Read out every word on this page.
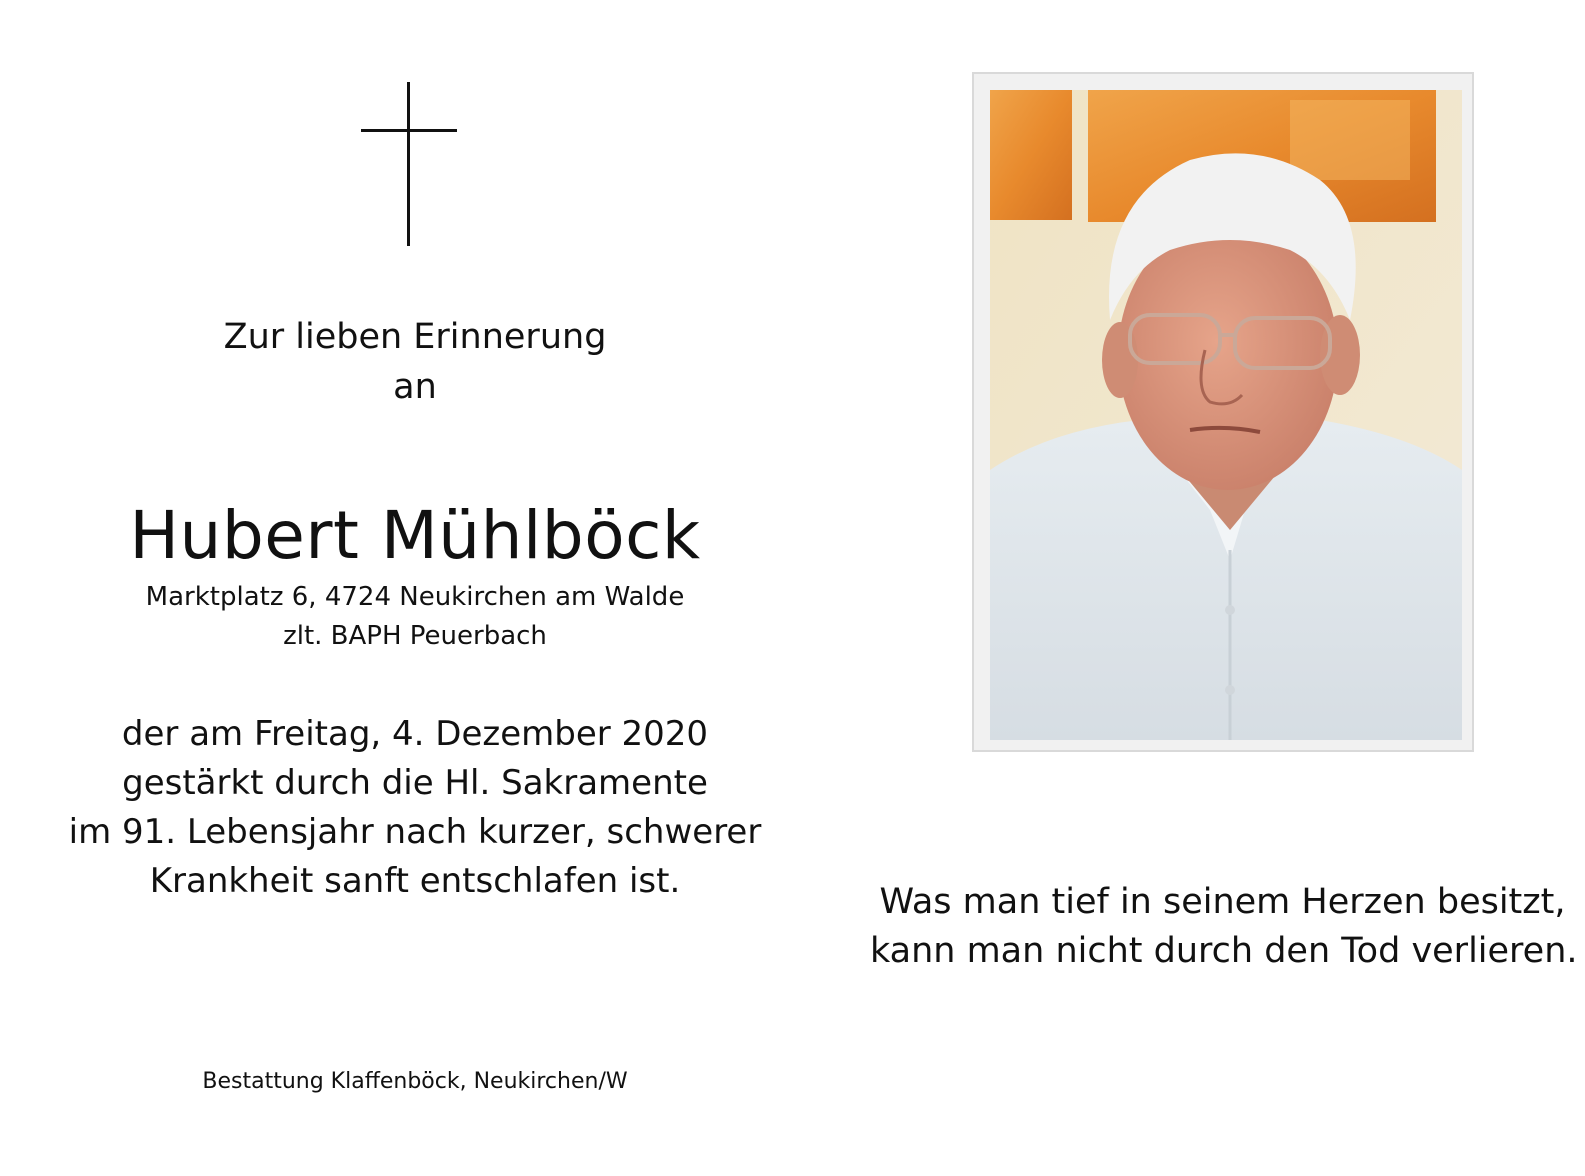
Zur lieben Erinnerung
an
Hubert Mühlböck
Marktplatz 6, 4724 Neukirchen am Walde
zlt. BAPH Peuerbach
der am Freitag, 4. Dezember 2020
gestärkt durch die Hl. Sakramente
im 91. Lebensjahr nach kurzer, schwerer
Krankheit sanft entschlafen ist.
Bestattung Klaffenböck, Neukirchen/W
Was man tief in seinem Herzen besitzt,
kann man nicht durch den Tod verlieren.
